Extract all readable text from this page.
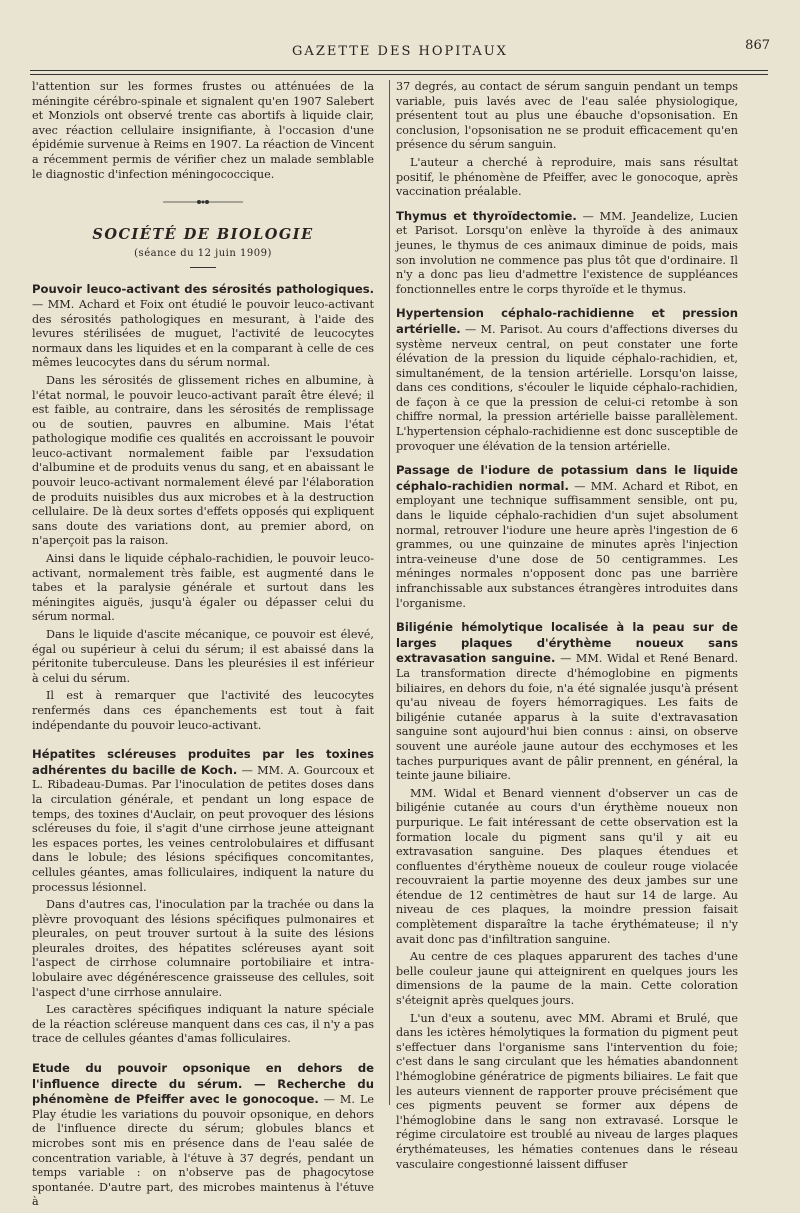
GAZETTE DES HOPITAUX	867

l'attention sur les formes frustes ou atténuées de la méningite cérébro-spinale et signalent qu'en 1907 Salebert et Monziols ont observé trente cas abortifs à liquide clair, avec réaction cellulaire insignifiante, à l'occasion d'une épidémie survenue à Reims en 1907. La réaction de Vincent a récemment permis de vérifier chez un malade semblable le diagnostic d'infection méningococcique.

SOCIÉTÉ DE BIOLOGIE
(séance du 12 juin 1909)

Pouvoir leuco-activant des sérosités pathologiques. — MM. Achard et Foix ont étudié le pouvoir leuco-activant des sérosités pathologiques en mesurant, à l'aide des levures stérilisées de muguet, l'activité de leucocytes normaux dans les liquides et en la comparant à celle de ces mêmes leucocytes dans du sérum normal.

Dans les sérosités de glissement riches en albumine, à l'état normal, le pouvoir leuco-activant paraît être élevé; il est faible, au contraire, dans les sérosités de remplissage ou de soutien, pauvres en albumine. Mais l'état pathologique modifie ces qualités en accroissant le pouvoir leuco-activant normalement faible par l'exsudation d'albumine et de produits venus du sang, et en abaissant le pouvoir leuco-activant normalement élevé par l'élaboration de produits nuisibles dus aux microbes et à la destruction cellulaire. De là deux sortes d'effets opposés qui expliquent sans doute des variations dont, au premier abord, on n'aperçoit pas la raison.

Ainsi dans le liquide céphalo-rachidien, le pouvoir leuco-activant, normalement très faible, est augmenté dans le tabes et la paralysie générale et surtout dans les méningites aiguës, jusqu'à égaler ou dépasser celui du sérum normal.

Dans le liquide d'ascite mécanique, ce pouvoir est élevé, égal ou supérieur à celui du sérum; il est abaissé dans la péritonite tuberculeuse. Dans les pleurésies il est inférieur à celui du sérum.

Il est à remarquer que l'activité des leucocytes renfermés dans ces épanchements est tout à fait indépendante du pouvoir leuco-activant.

Hépatites scléreuses produites par les toxines adhérentes du bacille de Koch. — MM. A. Gourcoux et L. Ribadeau-Dumas. Par l'inoculation de petites doses dans la circulation générale, et pendant un long espace de temps, des toxines d'Auclair, on peut provoquer des lésions scléreuses du foie, il s'agit d'une cirrhose jeune atteignant les espaces portes, les veines centrolobulaires et diffusant dans le lobule; des lésions spécifiques concomitantes, cellules géantes, amas folliculaires, indiquent la nature du processus lésionnel.

Dans d'autres cas, l'inoculation par la trachée ou dans la plèvre provoquant des lésions spécifiques pulmonaires et pleurales, on peut trouver surtout à la suite des lésions pleurales droites, des hépatites scléreuses ayant soit l'aspect de cirrhose columnaire portobiliaire et intra-lobulaire avec dégénérescence graisseuse des cellules, soit l'aspect d'une cirrhose annulaire.

Les caractères spécifiques indiquant la nature spéciale de la réaction scléreuse manquent dans ces cas, il n'y a pas trace de cellules géantes d'amas folliculaires.

Etude du pouvoir opsonique en dehors de l'influence directe du sérum. — Recherche du phénomène de Pfeiffer avec le gonocoque. — M. Le Play étudie les variations du pouvoir opsonique, en dehors de l'influence directe du sérum; globules blancs et microbes sont mis en présence dans de l'eau salée de concentration variable, à l'étuve à 37 degrés, pendant un temps variable : on n'observe pas de phagocytose spontanée. D'autre part, des microbes maintenus à l'étuve à

37 degrés, au contact de sérum sanguin pendant un temps variable, puis lavés avec de l'eau salée physiologique, présentent tout au plus une ébauche d'opsonisation. En conclusion, l'opsonisation ne se produit efficacement qu'en présence du sérum sanguin.

L'auteur a cherché à reproduire, mais sans résultat positif, le phénomène de Pfeiffer, avec le gonocoque, après vaccination préalable.

Thymus et thyroïdectomie. — MM. Jeandelize, Lucien et Parisot. Lorsqu'on enlève la thyroïde à des animaux jeunes, le thymus de ces animaux diminue de poids, mais son involution ne commence pas plus tôt que d'ordinaire. Il n'y a donc pas lieu d'admettre l'existence de suppléances fonctionnelles entre le corps thyroïde et le thymus.

Hypertension céphalo-rachidienne et pression artérielle. — M. Parisot. Au cours d'affections diverses du système nerveux central, on peut constater une forte élévation de la pression du liquide céphalo-rachidien, et, simultanément, de la tension artérielle. Lorsqu'on laisse, dans ces conditions, s'écouler le liquide céphalo-rachidien, de façon à ce que la pression de celui-ci retombe à son chiffre normal, la pression artérielle baisse parallèlement. L'hypertension céphalo-rachidienne est donc susceptible de provoquer une élévation de la tension artérielle.

Passage de l'iodure de potassium dans le liquide céphalo-rachidien normal. — MM. Achard et Ribot, en employant une technique suffisamment sensible, ont pu, dans le liquide céphalo-rachidien d'un sujet absolument normal, retrouver l'iodure une heure après l'ingestion de 6 grammes, ou une quinzaine de minutes après l'injection intra-veineuse d'une dose de 50 centigrammes. Les méninges normales n'opposent donc pas une barrière infranchissable aux substances étrangères introduites dans l'organisme.

Biligénie hémolytique localisée à la peau sur de larges plaques d'érythème noueux sans extravasation sanguine. — MM. Widal et René Benard. La transformation directe d'hémoglobine en pigments biliaires, en dehors du foie, n'a été signalée jusqu'à présent qu'au niveau de foyers hémorragiques. Les faits de biligénie cutanée apparus à la suite d'extravasation sanguine sont aujourd'hui bien connus : ainsi, on observe souvent une auréole jaune autour des ecchymoses et les taches purpuriques avant de pâlir prennent, en général, la teinte jaune biliaire.

MM. Widal et Benard viennent d'observer un cas de biligénie cutanée au cours d'un érythème noueux non purpurique. Le fait intéressant de cette observation est la formation locale du pigment sans qu'il y ait eu extravasation sanguine. Des plaques étendues et confluentes d'érythème noueux de couleur rouge violacée recouvraient la partie moyenne des deux jambes sur une étendue de 12 centimètres de haut sur 14 de large. Au niveau de ces plaques, la moindre pression faisait complètement disparaître la tache érythémateuse; il n'y avait donc pas d'infiltration sanguine.

Au centre de ces plaques apparurent des taches d'une belle couleur jaune qui atteignirent en quelques jours les dimensions de la paume de la main. Cette coloration s'éteignit après quelques jours.

L'un d'eux a soutenu, avec MM. Abrami et Brulé, que dans les ictères hémolytiques la formation du pigment peut s'effectuer dans l'organisme sans l'intervention du foie; c'est dans le sang circulant que les hématies abandonnent l'hémoglobine génératrice de pigments biliaires. Le fait que les auteurs viennent de rapporter prouve précisément que ces pigments peuvent se former aux dépens de l'hémoglobine dans le sang non extravasé. Lorsque le régime circulatoire est troublé au niveau de larges plaques érythémateuses, les hématies contenues dans le réseau vasculaire congestionné laissent diffuser
